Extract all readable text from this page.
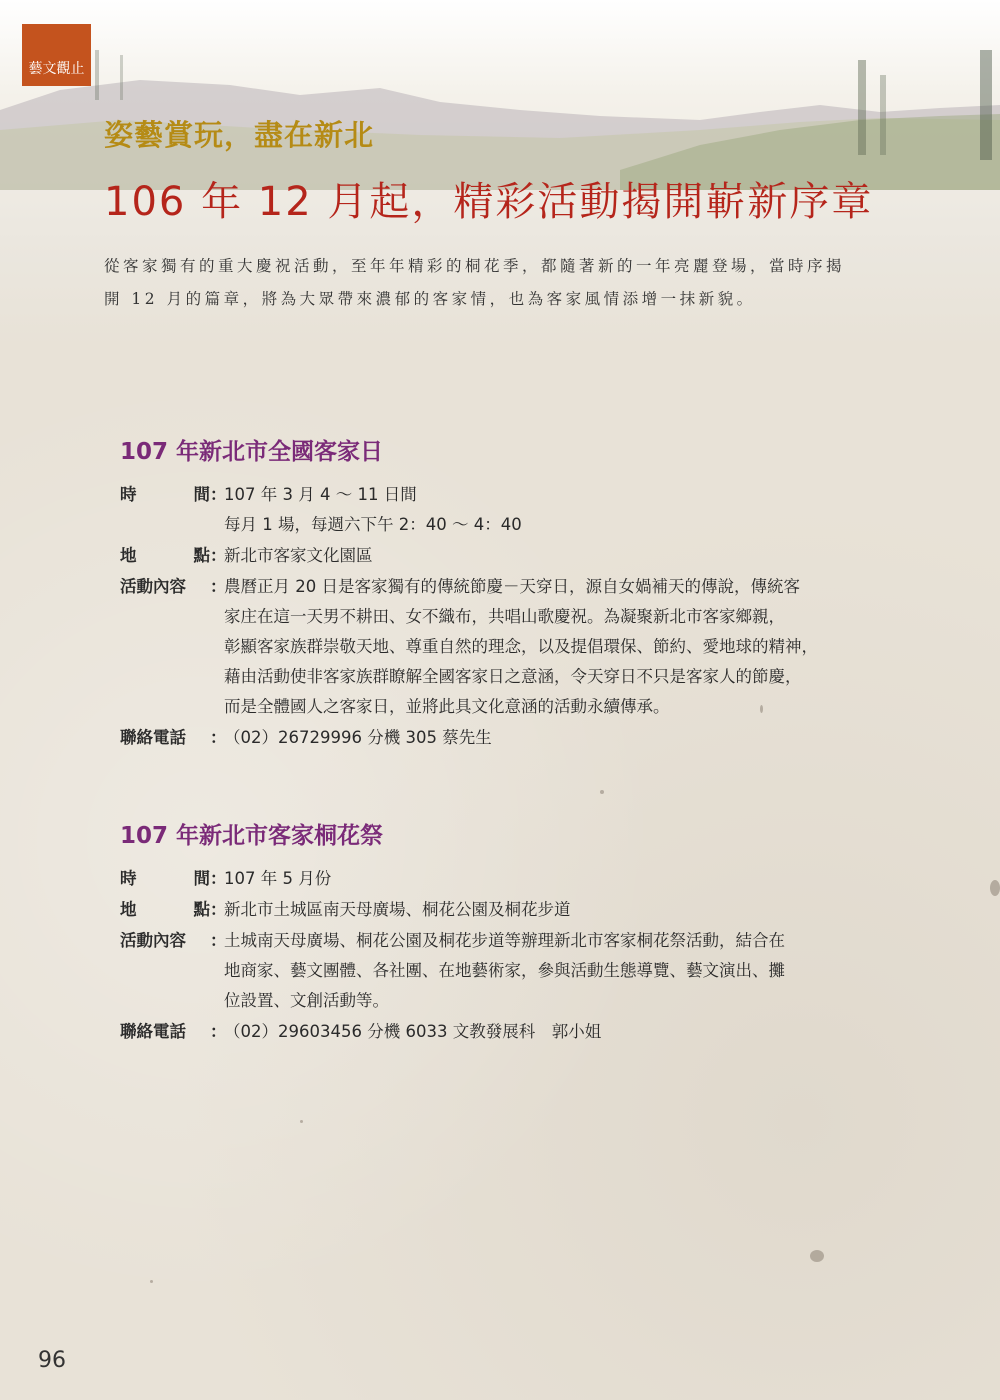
藝文觀止
姿藝賞玩，盡在新北
106 年 12 月起，精彩活動揭開嶄新序章
從客家獨有的重大慶祝活動，至年年精彩的桐花季，都隨著新的一年亮麗登場，當時序揭
開 12 月的篇章，將為大眾帶來濃郁的客家情，也為客家風情添增一抹新貌。
107 年新北市全國客家日
時	間 ：
107 年 3 月 4 ～ 11 日間
每月 1 場，每週六下午 2：40 ～ 4：40
地	點 ：
新北市客家文化園區
活動內容	：
農曆正月 20 日是客家獨有的傳統節慶－天穿日，源自女媧補天的傳說，傳統客
家庄在這一天男不耕田、女不織布，共唱山歌慶祝。為凝聚新北市客家鄉親，
彰顯客家族群崇敬天地、尊重自然的理念，以及提倡環保、節約、愛地球的精神，
藉由活動使非客家族群瞭解全國客家日之意涵，令天穿日不只是客家人的節慶，
而是全體國人之客家日，並將此具文化意涵的活動永續傳承。
聯絡電話	：
（02）26729996 分機 305 蔡先生
107 年新北市客家桐花祭
時	間 ：
107 年 5 月份
地	點 ：
新北市土城區南天母廣場、桐花公園及桐花步道
活動內容	：
土城南天母廣場、桐花公園及桐花步道等辦理新北市客家桐花祭活動，結合在
地商家、藝文團體、各社團、在地藝術家，參與活動生態導覽、藝文演出、攤
位設置、文創活動等。
聯絡電話	：
（02）29603456 分機 6033 文教發展科　郭小姐
96
